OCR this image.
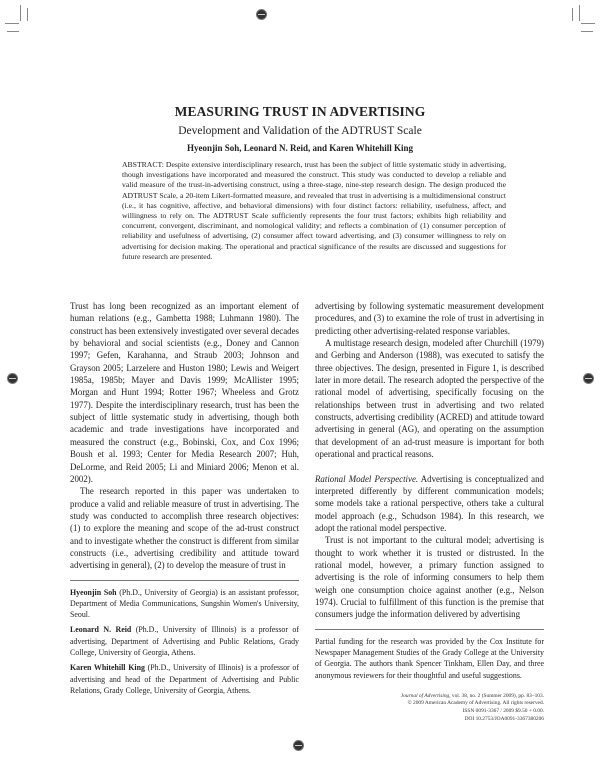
MEASURING TRUST IN ADVERTISING
Development and Validation of the ADTRUST Scale
Hyeonjin Soh, Leonard N. Reid, and Karen Whitehill King
ABSTRACT: Despite extensive interdisciplinary research, trust has been the subject of little systematic study in advertising, though investigations have incorporated and measured the construct. This study was conducted to develop a reliable and valid measure of the trust-in-advertising construct, using a three-stage, nine-step research design. The design produced the ADTRUST Scale, a 20-item Likert-formatted measure, and revealed that trust in advertising is a multidimensional construct (i.e., it has cognitive, affective, and behavioral dimensions) with four distinct factors: reliability, usefulness, affect, and willingness to rely on. The ADTRUST Scale sufficiently represents the four trust factors; exhibits high reliability and concurrent, convergent, discriminant, and nomological validity; and reflects a combination of (1) consumer perception of reliability and usefulness of advertising, (2) consumer affect toward advertising, and (3) consumer willingness to rely on advertising for decision making. The operational and practical significance of the results are discussed and suggestions for future research are presented.

Trust has long been recognized as an important element of human relations (e.g., Gambetta 1988; Luhmann 1980). The construct has been extensively investigated over several decades by behavioral and social scientists (e.g., Doney and Cannon 1997; Gefen, Karahanna, and Straub 2003; Johnson and Grayson 2005; Larzelere and Huston 1980; Lewis and Weigert 1985a, 1985b; Mayer and Davis 1999; McAllister 1995; Morgan and Hunt 1994; Rotter 1967; Wheeless and Grotz 1977). Despite the interdisciplinary research, trust has been the subject of little systematic study in advertising, though both academic and trade investigations have incorporated and measured the construct (e.g., Bobinski, Cox, and Cox 1996; Boush et al. 1993; Center for Media Research 2007; Huh, DeLorme, and Reid 2005; Li and Miniard 2006; Menon et al. 2002).

The research reported in this paper was undertaken to produce a valid and reliable measure of trust in advertising. The study was conducted to accomplish three research objectives: (1) to explore the meaning and scope of the ad-trust construct and to investigate whether the construct is different from similar constructs (i.e., advertising credibility and attitude toward advertising in general), (2) to develop the measure of trust in

Hyeonjin Soh (Ph.D., University of Georgia) is an assistant professor, Department of Media Communications, Sungshin Women's University, Seoul.

Leonard N. Reid (Ph.D., University of Illinois) is a professor of advertising, Department of Advertising and Public Relations, Grady College, University of Georgia, Athens.

Karen Whitehill King (Ph.D., University of Illinois) is a professor of advertising and head of the Department of Advertising and Public Relations, Grady College, University of Georgia, Athens.

advertising by following systematic measurement development procedures, and (3) to examine the role of trust in advertising in predicting other advertising-related response variables.

A multistage research design, modeled after Churchill (1979) and Gerbing and Anderson (1988), was executed to satisfy the three objectives. The design, presented in Figure 1, is described later in more detail. The research adopted the perspective of the rational model of advertising, specifically focusing on the relationships between trust in advertising and two related constructs, advertising credibility (ACRED) and attitude toward advertising in general (AG), and operating on the assumption that development of an ad-trust measure is important for both operational and practical reasons.

Rational Model Perspective. Advertising is conceptualized and interpreted differently by different communication models; some models take a rational perspective, others take a cultural model approach (e.g., Schudson 1984). In this research, we adopt the rational model perspective.

Trust is not important to the cultural model; advertising is thought to work whether it is trusted or distrusted. In the rational model, however, a primary function assigned to advertising is the role of informing consumers to help them weigh one consumption choice against another (e.g., Nelson 1974). Crucial to fulfillment of this function is the premise that consumers judge the information delivered by advertising

Partial funding for the research was provided by the Cox Institute for Newspaper Management Studies of the Grady College at the University of Georgia. The authors thank Spencer Tinkham, Ellen Day, and three anonymous reviewers for their thoughtful and useful suggestions.
Journal of Advertising, vol. 38, no. 2 (Summer 2009), pp. 83–103.
© 2009 American Academy of Advertising. All rights reserved.
ISSN 0091-3367 / 2009 $9.50 + 0.00.
DOI 10.2753/JOA0091-3367380206
